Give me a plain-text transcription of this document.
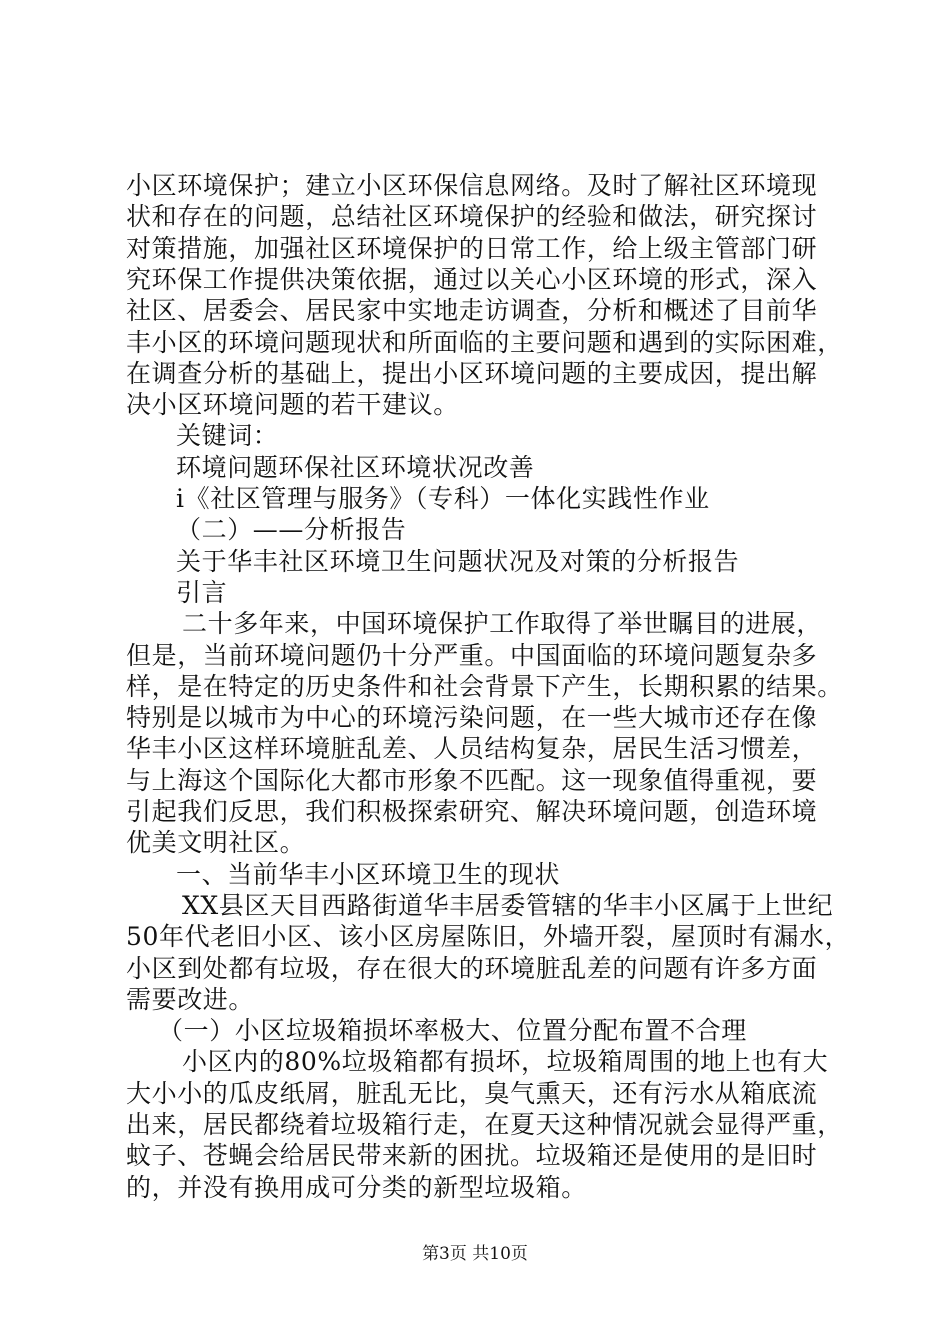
小区环境保护；建立小区环保信息网络。及时了解社区环境现
状和存在的问题，总结社区环境保护的经验和做法，研究探讨
对策措施，加强社区环境保护的日常工作，给上级主管部门研
究环保工作提供决策依据，通过以关心小区环境的形式，深入
社区、居委会、居民家中实地走访调查，分析和概述了目前华
丰小区的环境问题现状和所面临的主要问题和遇到的实际困难，
在调查分析的基础上，提出小区环境问题的主要成因，提出解
决小区环境问题的若干建议。
关键词：
环境问题环保社区环境状况改善
i《社区管理与服务》（专科）一体化实践性作业
（二）——分析报告
关于华丰社区环境卫生问题状况及对策的分析报告
引言
二十多年来，中国环境保护工作取得了举世瞩目的进展，
但是，当前环境问题仍十分严重。中国面临的环境问题复杂多
样，是在特定的历史条件和社会背景下产生，长期积累的结果。
特别是以城市为中心的环境污染问题，在一些大城市还存在像
华丰小区这样环境脏乱差、人员结构复杂，居民生活习惯差，
与上海这个国际化大都市形象不匹配。这一现象值得重视，要
引起我们反思，我们积极探索研究、解决环境问题，创造环境
优美文明社区。
一、当前华丰小区环境卫生的现状
XX县区天目西路街道华丰居委管辖的华丰小区属于上世纪
50年代老旧小区、该小区房屋陈旧，外墙开裂，屋顶时有漏水，
小区到处都有垃圾，存在很大的环境脏乱差的问题有许多方面
需要改进。
（一）小区垃圾箱损坏率极大、位置分配布置不合理
小区内的80%垃圾箱都有损坏，垃圾箱周围的地上也有大
大小小的瓜皮纸屑，脏乱无比，臭气熏天，还有污水从箱底流
出来，居民都绕着垃圾箱行走，在夏天这种情况就会显得严重，
蚊子、苍蝇会给居民带来新的困扰。垃圾箱还是使用的是旧时
的，并没有换用成可分类的新型垃圾箱。
第3页 共10页
